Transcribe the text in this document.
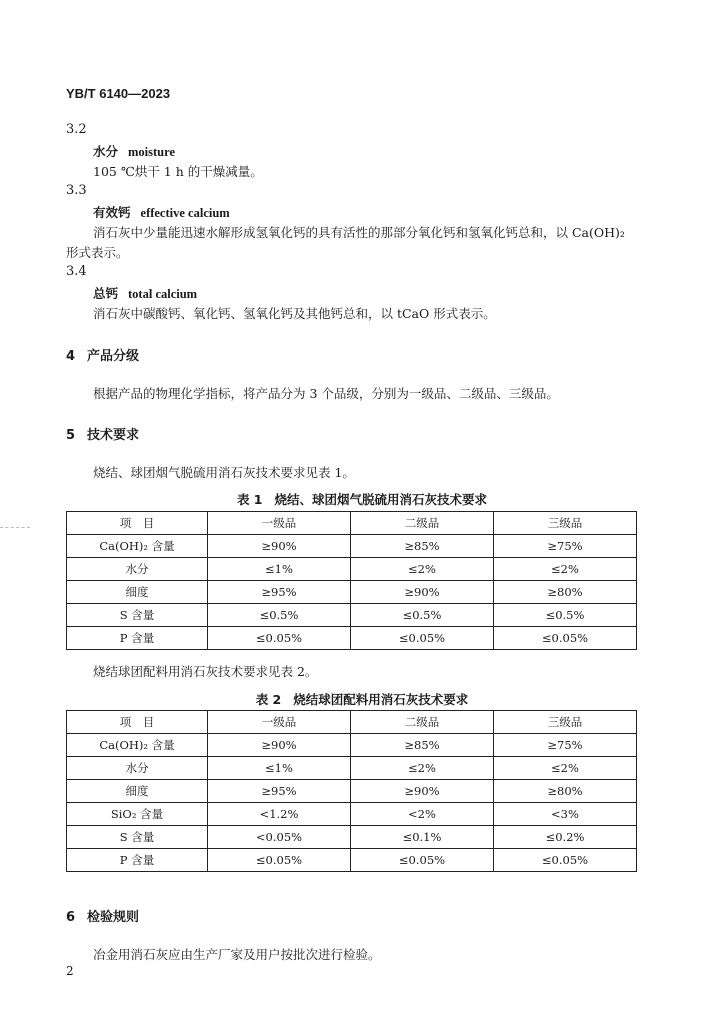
YB/T 6140—2023
3.2
水分 moisture
105 ℃烘干 1 h 的干燥减量。
3.3
有效钙 effective calcium
消石灰中少量能迅速水解形成氢氧化钙的具有活性的那部分氧化钙和氢氧化钙总和，以 Ca(OH)₂
形式表示。
3.4
总钙 total calcium
消石灰中碳酸钙、氧化钙、氢氧化钙及其他钙总和，以 tCaO 形式表示。
4 产品分级
根据产品的物理化学指标，将产品分为 3 个品级，分别为一级品、二级品、三级品。
5 技术要求
烧结、球团烟气脱硫用消石灰技术要求见表 1。
表 1 烧结、球团烟气脱硫用消石灰技术要求
项　目	一级品	二级品	三级品
Ca(OH)₂ 含量	≥90%	≥85%	≥75%
水分	≤1%	≤2%	≤2%
细度	≥95%	≥90%	≥80%
S 含量	≤0.5%	≤0.5%	≤0.5%
P 含量	≤0.05%	≤0.05%	≤0.05%
烧结球团配料用消石灰技术要求见表 2。
表 2 烧结球团配料用消石灰技术要求
项　目	一级品	二级品	三级品
Ca(OH)₂ 含量	≥90%	≥85%	≥75%
水分	≤1%	≤2%	≤2%
细度	≥95%	≥90%	≥80%
SiO₂ 含量	<1.2%	<2%	<3%
S 含量	<0.05%	≤0.1%	≤0.2%
P 含量	≤0.05%	≤0.05%	≤0.05%
6 检验规则
冶金用消石灰应由生产厂家及用户按批次进行检验。
2
